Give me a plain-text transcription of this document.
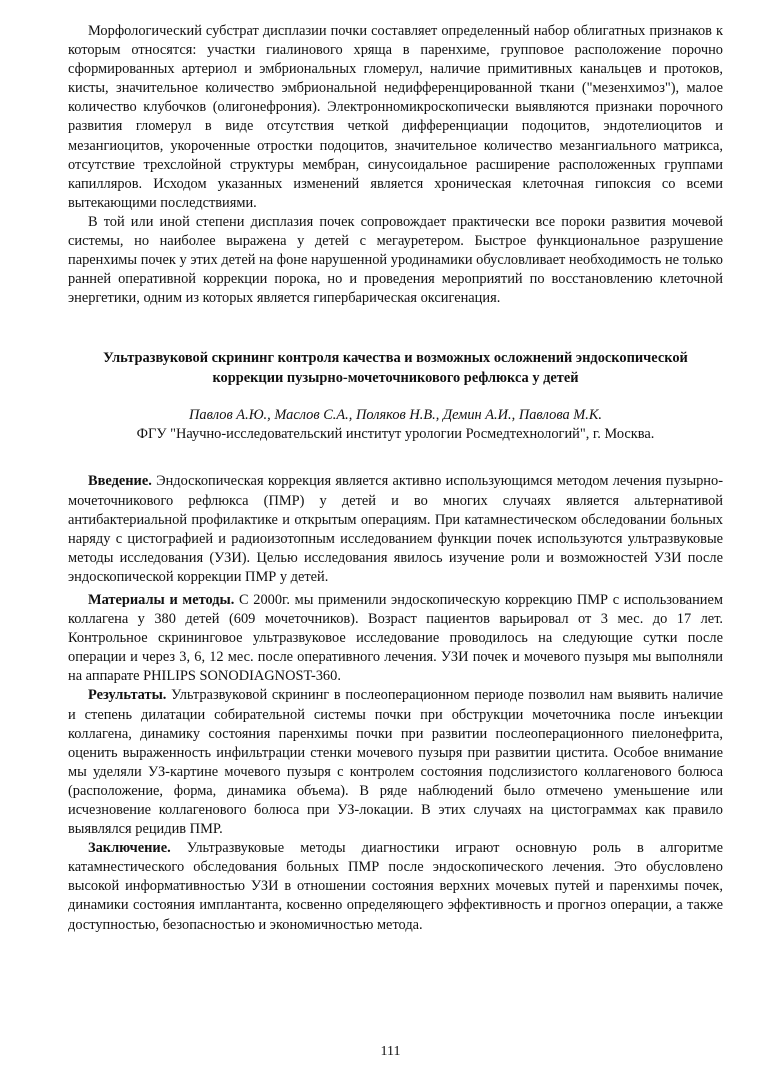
Морфологический субстрат дисплазии почки составляет определенный набор облигатных признаков к которым относятся: участки гиалинового хряща в паренхиме, групповое расположение порочно сформированных артериол и эмбриональных гломерул, наличие примитивных канальцев и протоков, кисты, значительное количество эмбриональной недифференцированной ткани ("мезенхимоз"), малое количество клубочков (олигонефрония). Электронномикроскопически выявляются признаки порочного развития гломерул в виде отсутствия четкой дифференциации подоцитов, эндотелиоцитов и мезангиоцитов, укороченные отростки подоцитов, значительное количество мезангиального матрикса, отсутствие трехслойной структуры мембран, синусоидальное расширение расположенных группами капилляров. Исходом указанных изменений является хроническая клеточная гипоксия со всеми вытекающими последствиями.

В той или иной степени дисплазия почек сопровождает практически все пороки развития мочевой системы, но наиболее выражена у детей с мегауретером. Быстрое функциональное разрушение паренхимы почек у этих детей на фоне нарушенной уродинамики обусловливает необходимость не только ранней оперативной коррекции порока, но и проведения мероприятий по восстановлению клеточной энергетики, одним из которых является гипербарическая оксигенация.

Ультразвуковой скрининг контроля качества и возможных осложнений эндоскопической коррекции пузырно-мочеточникового рефлюкса у детей
Павлов А.Ю., Маслов С.А., Поляков Н.В., Демин А.И., Павлова М.К.
ФГУ "Научно-исследовательский институт урологии Росмедтехнологий", г. Москва.

Введение. Эндоскопическая коррекция является активно использующимся методом лечения пузырно-мочеточникового рефлюкса (ПМР) у детей и во многих случаях является альтернативой антибактериальной профилактике и открытым операциям. При катамнестическом обследовании больных наряду с цистографией и радиоизотопным исследованием функции почек используются ультразвуковые методы исследования (УЗИ). Целью исследования явилось изучение роли и возможностей УЗИ после эндоскопической коррекции ПМР у детей.

Материалы и методы. С 2000г. мы применили эндоскопическую коррекцию ПМР с использованием коллагена у 380 детей (609 мочеточников). Возраст пациентов варьировал от 3 мес. до 17 лет. Контрольное скрининговое ультразвуковое исследование проводилось на следующие сутки после операции и через 3, 6, 12 мес. после оперативного лечения. УЗИ почек и мочевого пузыря мы выполняли на аппарате PHILIPS SONODIAGNOST-360.

Результаты. Ультразвуковой скрининг в послеоперационном периоде позволил нам выявить наличие и степень дилатации собирательной системы почки при обструкции мочеточника после инъекции коллагена, динамику состояния паренхимы почки при развитии послеоперационного пиелонефрита, оценить выраженность инфильтрации стенки мочевого пузыря при развитии цистита. Особое внимание мы уделяли УЗ-картине мочевого пузыря с контролем состояния подслизистого коллагенового болюса (расположение, форма, динамика объема). В ряде наблюдений было отмечено уменьшение или исчезновение коллагенового болюса при УЗ-локации. В этих случаях на цистограммах как правило выявлялся рецидив ПМР.

Заключение. Ультразвуковые методы диагностики играют основную роль в алгоритме катамнестического обследования больных ПМР после эндоскопического лечения. Это обусловлено высокой информативностью УЗИ в отношении состояния верхних мочевых путей и паренхимы почек, динамики состояния имплантанта, косвенно определяющего эффективность и прогноз операции, а также доступностью, безопасностью и экономичностью метода.

111
